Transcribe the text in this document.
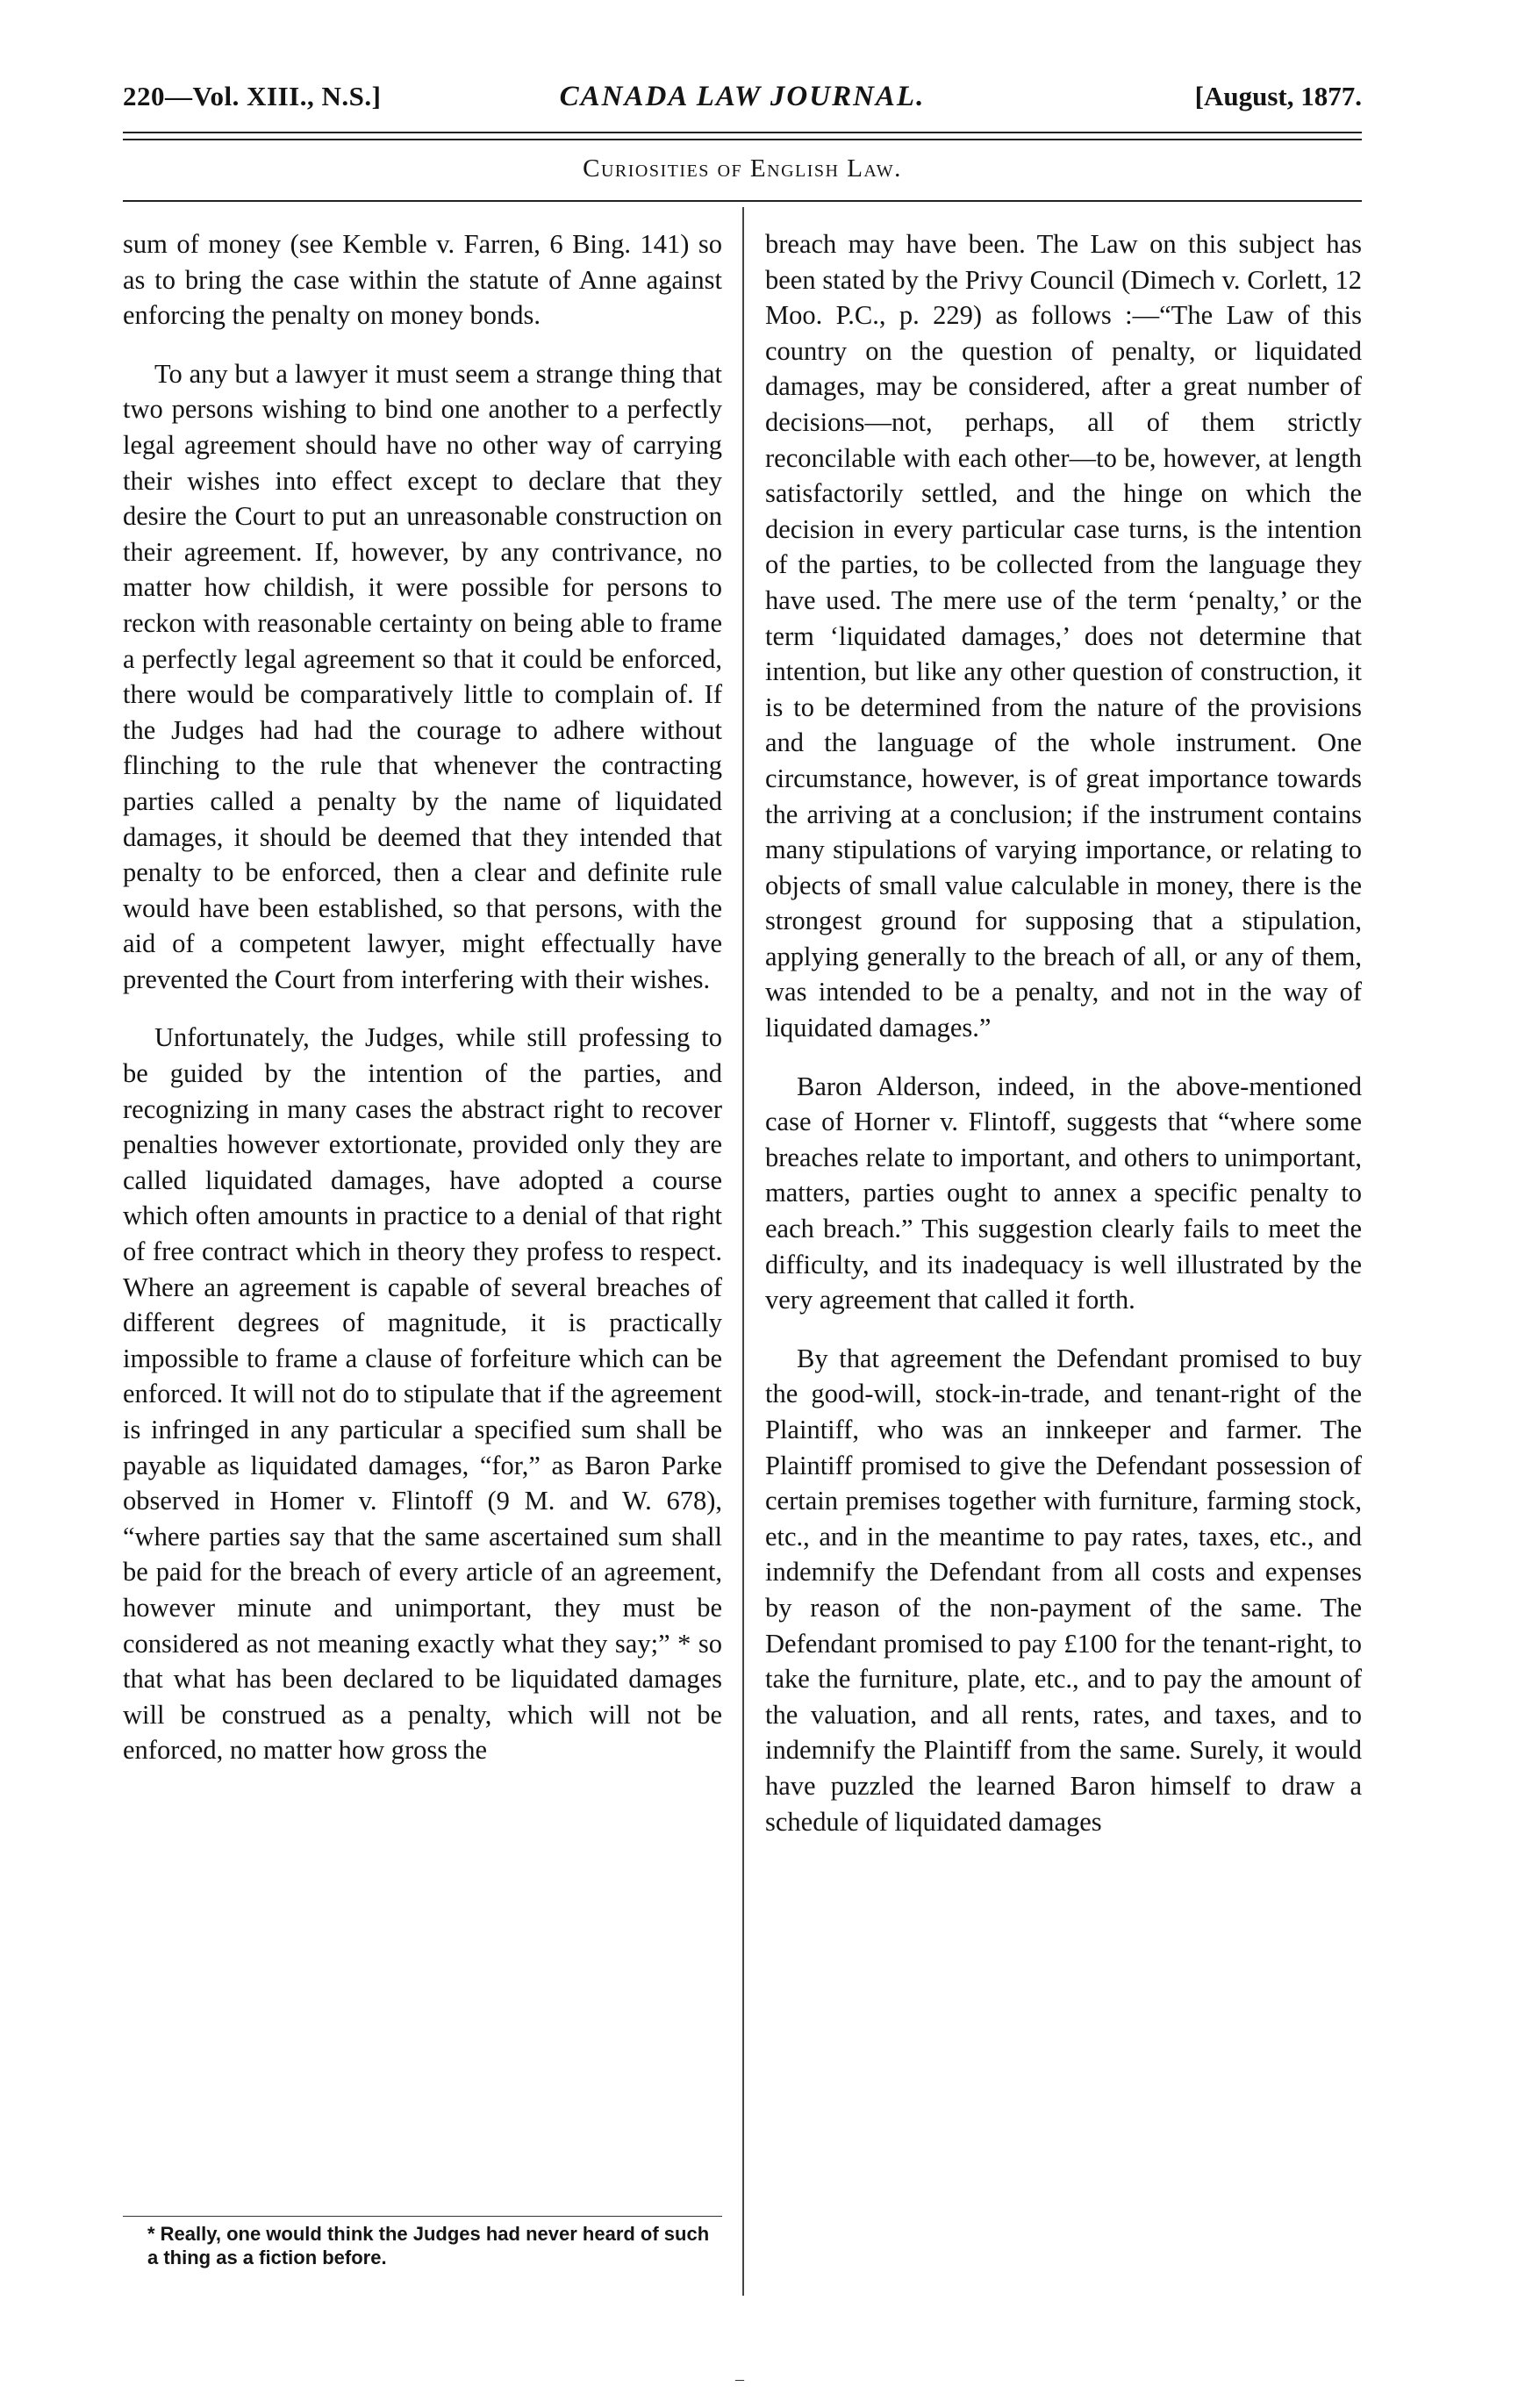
220—Vol. XIII., N.S.]	CANADA LAW JOURNAL.	[August, 1877.
Curiosities of English Law.

sum of money (see Kemble v. Farren, 6 Bing. 141) so as to bring the case within the statute of Anne against enforcing the penalty on money bonds.

To any but a lawyer it must seem a strange thing that two persons wishing to bind one another to a perfectly legal agreement should have no other way of carrying their wishes into effect except to declare that they desire the Court to put an unreasonable construction on their agreement. If, however, by any contrivance, no matter how childish, it were possible for persons to reckon with reasonable certainty on being able to frame a perfectly legal agreement so that it could be enforced, there would be comparatively little to complain of. If the Judges had had the courage to adhere without flinching to the rule that whenever the contracting parties called a penalty by the name of liquidated damages, it should be deemed that they intended that penalty to be enforced, then a clear and definite rule would have been established, so that persons, with the aid of a competent lawyer, might effectually have prevented the Court from interfering with their wishes.

Unfortunately, the Judges, while still professing to be guided by the intention of the parties, and recognizing in many cases the abstract right to recover penalties however extortionate, provided only they are called liquidated damages, have adopted a course which often amounts in practice to a denial of that right of free contract which in theory they profess to respect. Where an agreement is capable of several breaches of different degrees of magnitude, it is practically impossible to frame a clause of forfeiture which can be enforced. It will not do to stipulate that if the agreement is infringed in any particular a specified sum shall be payable as liquidated damages, “for,” as Baron Parke observed in Homer v. Flintoff (9 M. and W. 678), “where parties say that the same ascertained sum shall be paid for the breach of every article of an agreement, however minute and unimportant, they must be considered as not meaning exactly what they say;” * so that what has been declared to be liquidated damages will be construed as a penalty, which will not be enforced, no matter how gross the

breach may have been. The Law on this subject has been stated by the Privy Council (Dimech v. Corlett, 12 Moo. P.C., p. 229) as follows :—“The Law of this country on the question of penalty, or liquidated damages, may be considered, after a great number of decisions—not, perhaps, all of them strictly reconcilable with each other—to be, however, at length satisfactorily settled, and the hinge on which the decision in every particular case turns, is the intention of the parties, to be collected from the language they have used. The mere use of the term ‘penalty,’ or the term ‘liquidated damages,’ does not determine that intention, but like any other question of construction, it is to be determined from the nature of the provisions and the language of the whole instrument. One circumstance, however, is of great importance towards the arriving at a conclusion; if the instrument contains many stipulations of varying importance, or relating to objects of small value calculable in money, there is the strongest ground for supposing that a stipulation, applying generally to the breach of all, or any of them, was intended to be a penalty, and not in the way of liquidated damages.”

Baron Alderson, indeed, in the above-mentioned case of Horner v. Flintoff, suggests that “where some breaches relate to important, and others to unimportant, matters, parties ought to annex a specific penalty to each breach.” This suggestion clearly fails to meet the difficulty, and its inadequacy is well illustrated by the very agreement that called it forth.

By that agreement the Defendant promised to buy the good-will, stock-in-trade, and tenant-right of the Plaintiff, who was an innkeeper and farmer. The Plaintiff promised to give the Defendant possession of certain premises together with furniture, farming stock, etc., and in the meantime to pay rates, taxes, etc., and indemnify the Defendant from all costs and expenses by reason of the non-payment of the same. The Defendant promised to pay £100 for the tenant-right, to take the furniture, plate, etc., and to pay the amount of the valuation, and all rents, rates, and taxes, and to indemnify the Plaintiff from the same. Surely, it would have puzzled the learned Baron himself to draw a schedule of liquidated damages

* Really, one would think the Judges had never heard of such a thing as a fiction before.
–
